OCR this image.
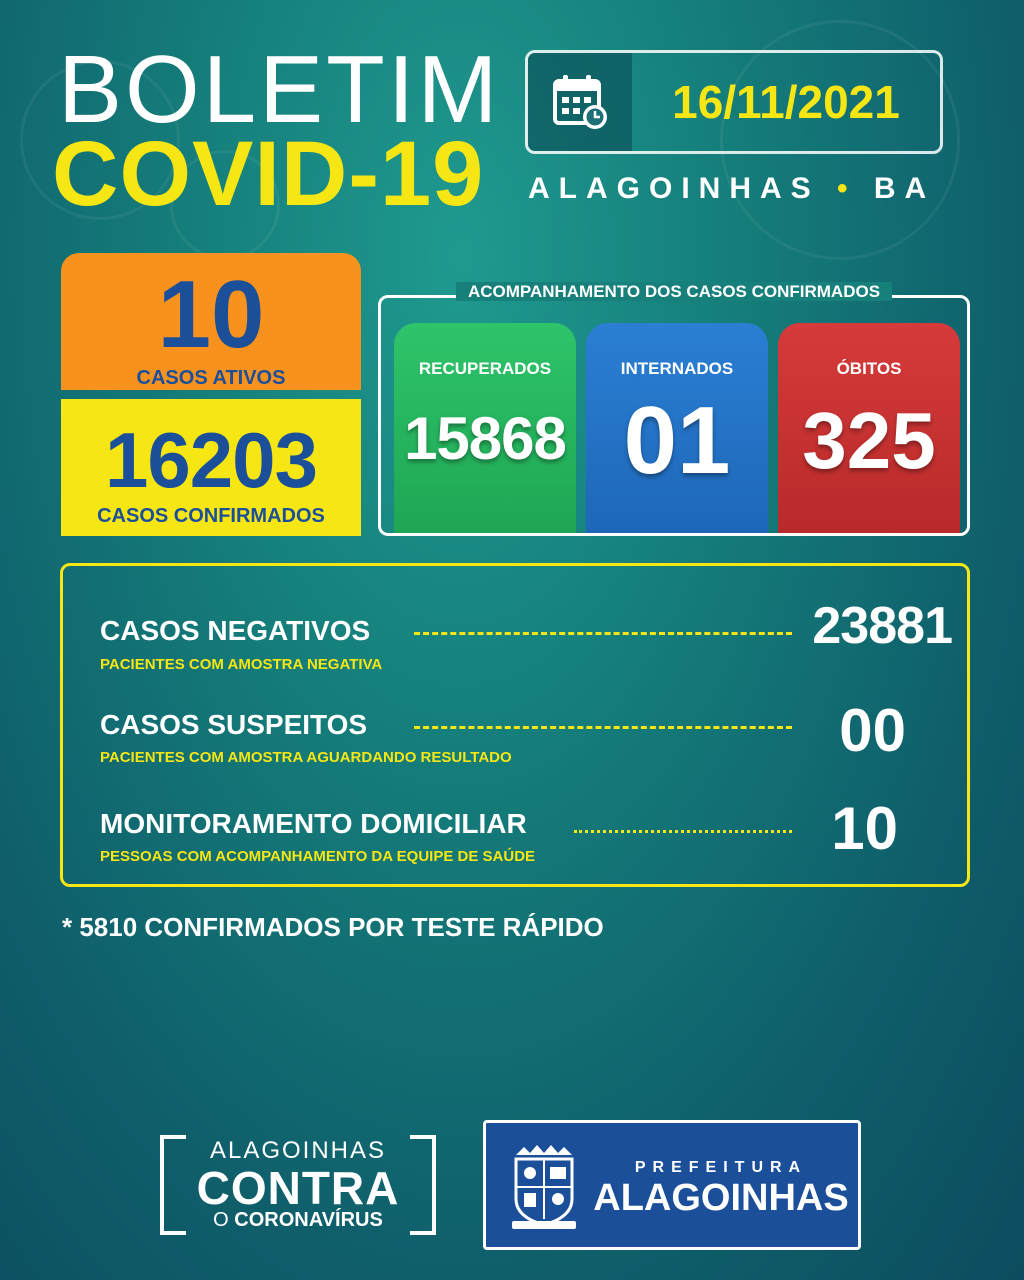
BOLETIM
COVID-19
16/11/2021
ALAGOINHAS • BA
10
CASOS ATIVOS
16203
CASOS CONFIRMADOS
ACOMPANHAMENTO DOS CASOS CONFIRMADOS
RECUPERADOS
15868
INTERNADOS
01
ÓBITOS
325
CASOS NEGATIVOS
PACIENTES COM AMOSTRA NEGATIVA
23881
CASOS SUSPEITOS
PACIENTES COM AMOSTRA AGUARDANDO RESULTADO	00
MONITORAMENTO DOMICILIAR
PESSOAS COM ACOMPANHAMENTO DA EQUIPE DE SAÚDE	10
* 5810 CONFIRMADOS POR TESTE RÁPIDO
ALAGOINHAS
CONTRA
O CORONAVÍRUS
PREFEITURA
ALAGOINHAS
